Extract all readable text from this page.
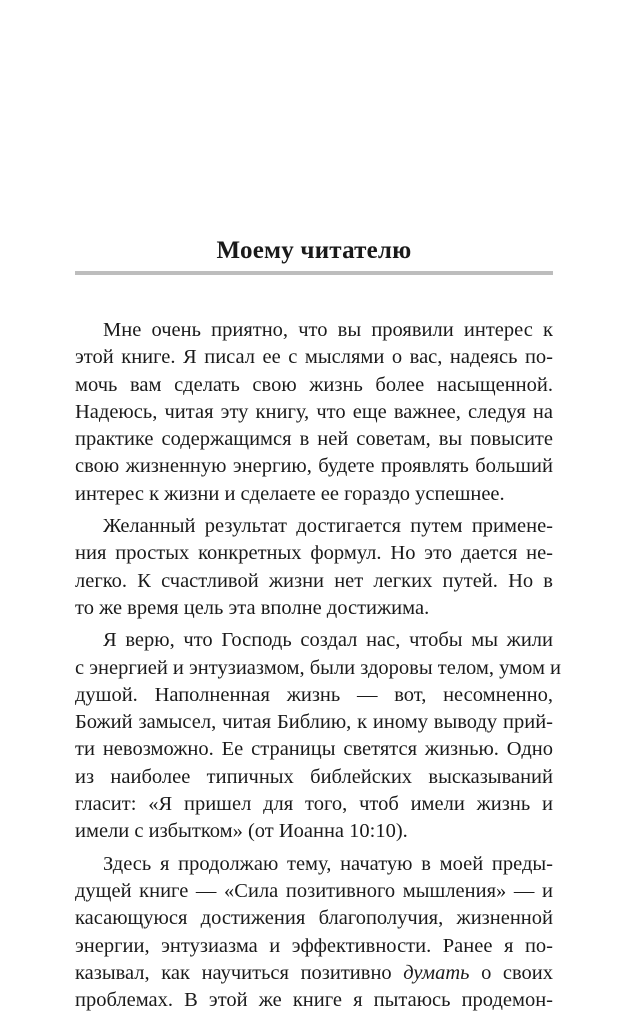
Моему читателю
Мне очень приятно, что вы проявили интерес к
этой книге. Я писал ее с мыслями о вас, надеясь по-
мочь вам сделать свою жизнь более насыщенной.
Надеюсь, читая эту книгу, что еще важнее, следуя на
практике содержащимся в ней советам, вы повысите
свою жизненную энергию, будете проявлять больший
интерес к жизни и сделаете ее гораздо успешнее.
Желанный результат достигается путем применe-
ния простых конкретных формул. Но это дается не-
легко. К счастливой жизни нет легких путей. Но в
то же время цель эта вполне достижима.
Я верю, что Господь создал нас, чтобы мы жили
с энергией и энтузиазмом, были здоровы телом, умом и
душой. Наполненная жизнь — вот, несомненно,
Божий замысел, читая Библию, к иному выводу прий-
ти невозможно. Ее страницы светятся жизнью. Одно
из наиболее типичных библейских высказываний
гласит: «Я пришел для того, чтоб имели жизнь и
имели с избытком» (от Иоанна 10:10).
Здесь я продолжаю тему, начатую в моей преды-
дущей книге — «Сила позитивного мышления» — и
касающуюся достижения благополучия, жизненной
энергии, энтузиазма и эффективности. Ранее я по-
казывал, как научиться позитивно думать о своих
проблемах. В этой же книге я пытаюсь продемон-
